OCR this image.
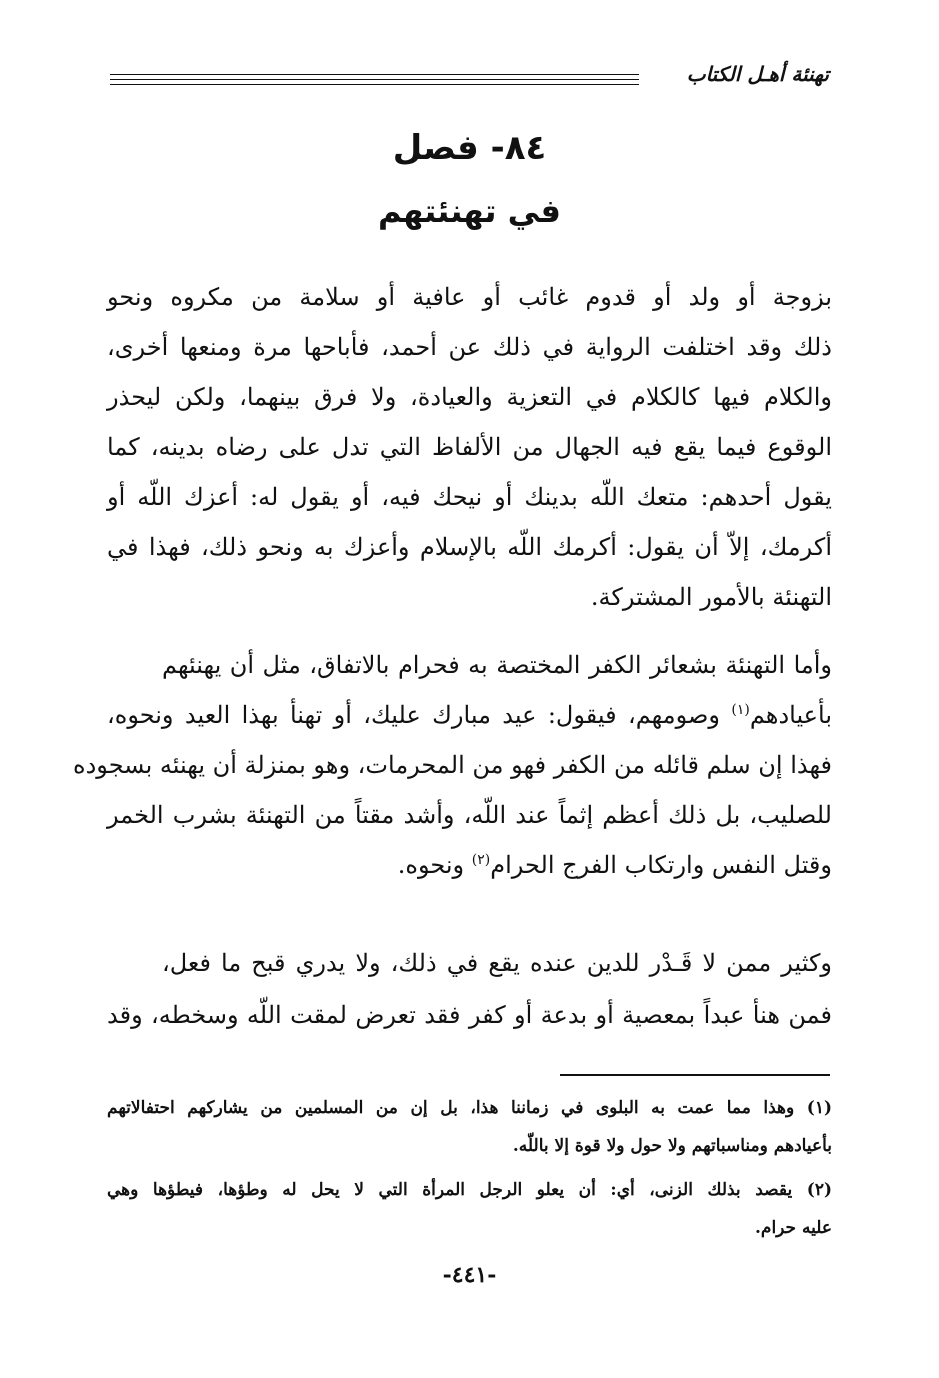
تهنئة أهـل الكتاب
٨٤- فصل
في تهنئتهم
بزوجة أو ولد أو قدوم غائب أو عافية أو سلامة من مكروه ونحو
ذلك وقد اختلفت الرواية في ذلك عن أحمد، فأباحها مرة ومنعها أخرى،
والكلام فيها كالكلام في التعزية والعيادة، ولا فرق بينهما، ولكن ليحذر
الوقوع فيما يقع فيه الجهال من الألفاظ التي تدل على رضاه بدينه، كما
يقول أحدهم: متعك اللّه بدينك أو نيحك فيه، أو يقول له: أعزك اللّه أو
أكرمك، إلاّ أن يقول: أكرمك اللّه بالإسلام وأعزك به ونحو ذلك، فهذا في
التهنئة بالأمور المشتركة.
وأما التهنئة بشعائر الكفر المختصة به فحرام بالاتفاق، مثل أن يهنئهم
بأعيادهم$^{(١)}$ وصومهم، فيقول: عيد مبارك عليك، أو تهنأ بهذا العيد ونحوه،
فهذا إن سلم قائله من الكفر فهو من المحرمات، وهو بمنزلة أن يهنئه بسجوده
للصليب، بل ذلك أعظم إثماً عند اللّه، وأشد مقتاً من التهنئة بشرب الخمر
وقتل النفس وارتكاب الفرج الحرام$^{(٢)}$ ونحوه.
وكثير ممن لا قَـدْر للدين عنده يقع في ذلك، ولا يدري قبح ما فعل،
فمن هنأ عبداً بمعصية أو بدعة أو كفر فقد تعرض لمقت اللّه وسخطه، وقد
(١) وهذا مما عمت به البلوى في زماننا هذا، بل إن من المسلمين من يشاركهم احتفالاتهم
بأعيادهم ومناسباتهم ولا حول ولا قوة إلا باللّه.
(٢) يقصد بذلك الزنى، أي: أن يعلو الرجل المرأة التي لا يحل له وطؤها، فيطؤها وهي
عليه حرام.
-٤٤١-
